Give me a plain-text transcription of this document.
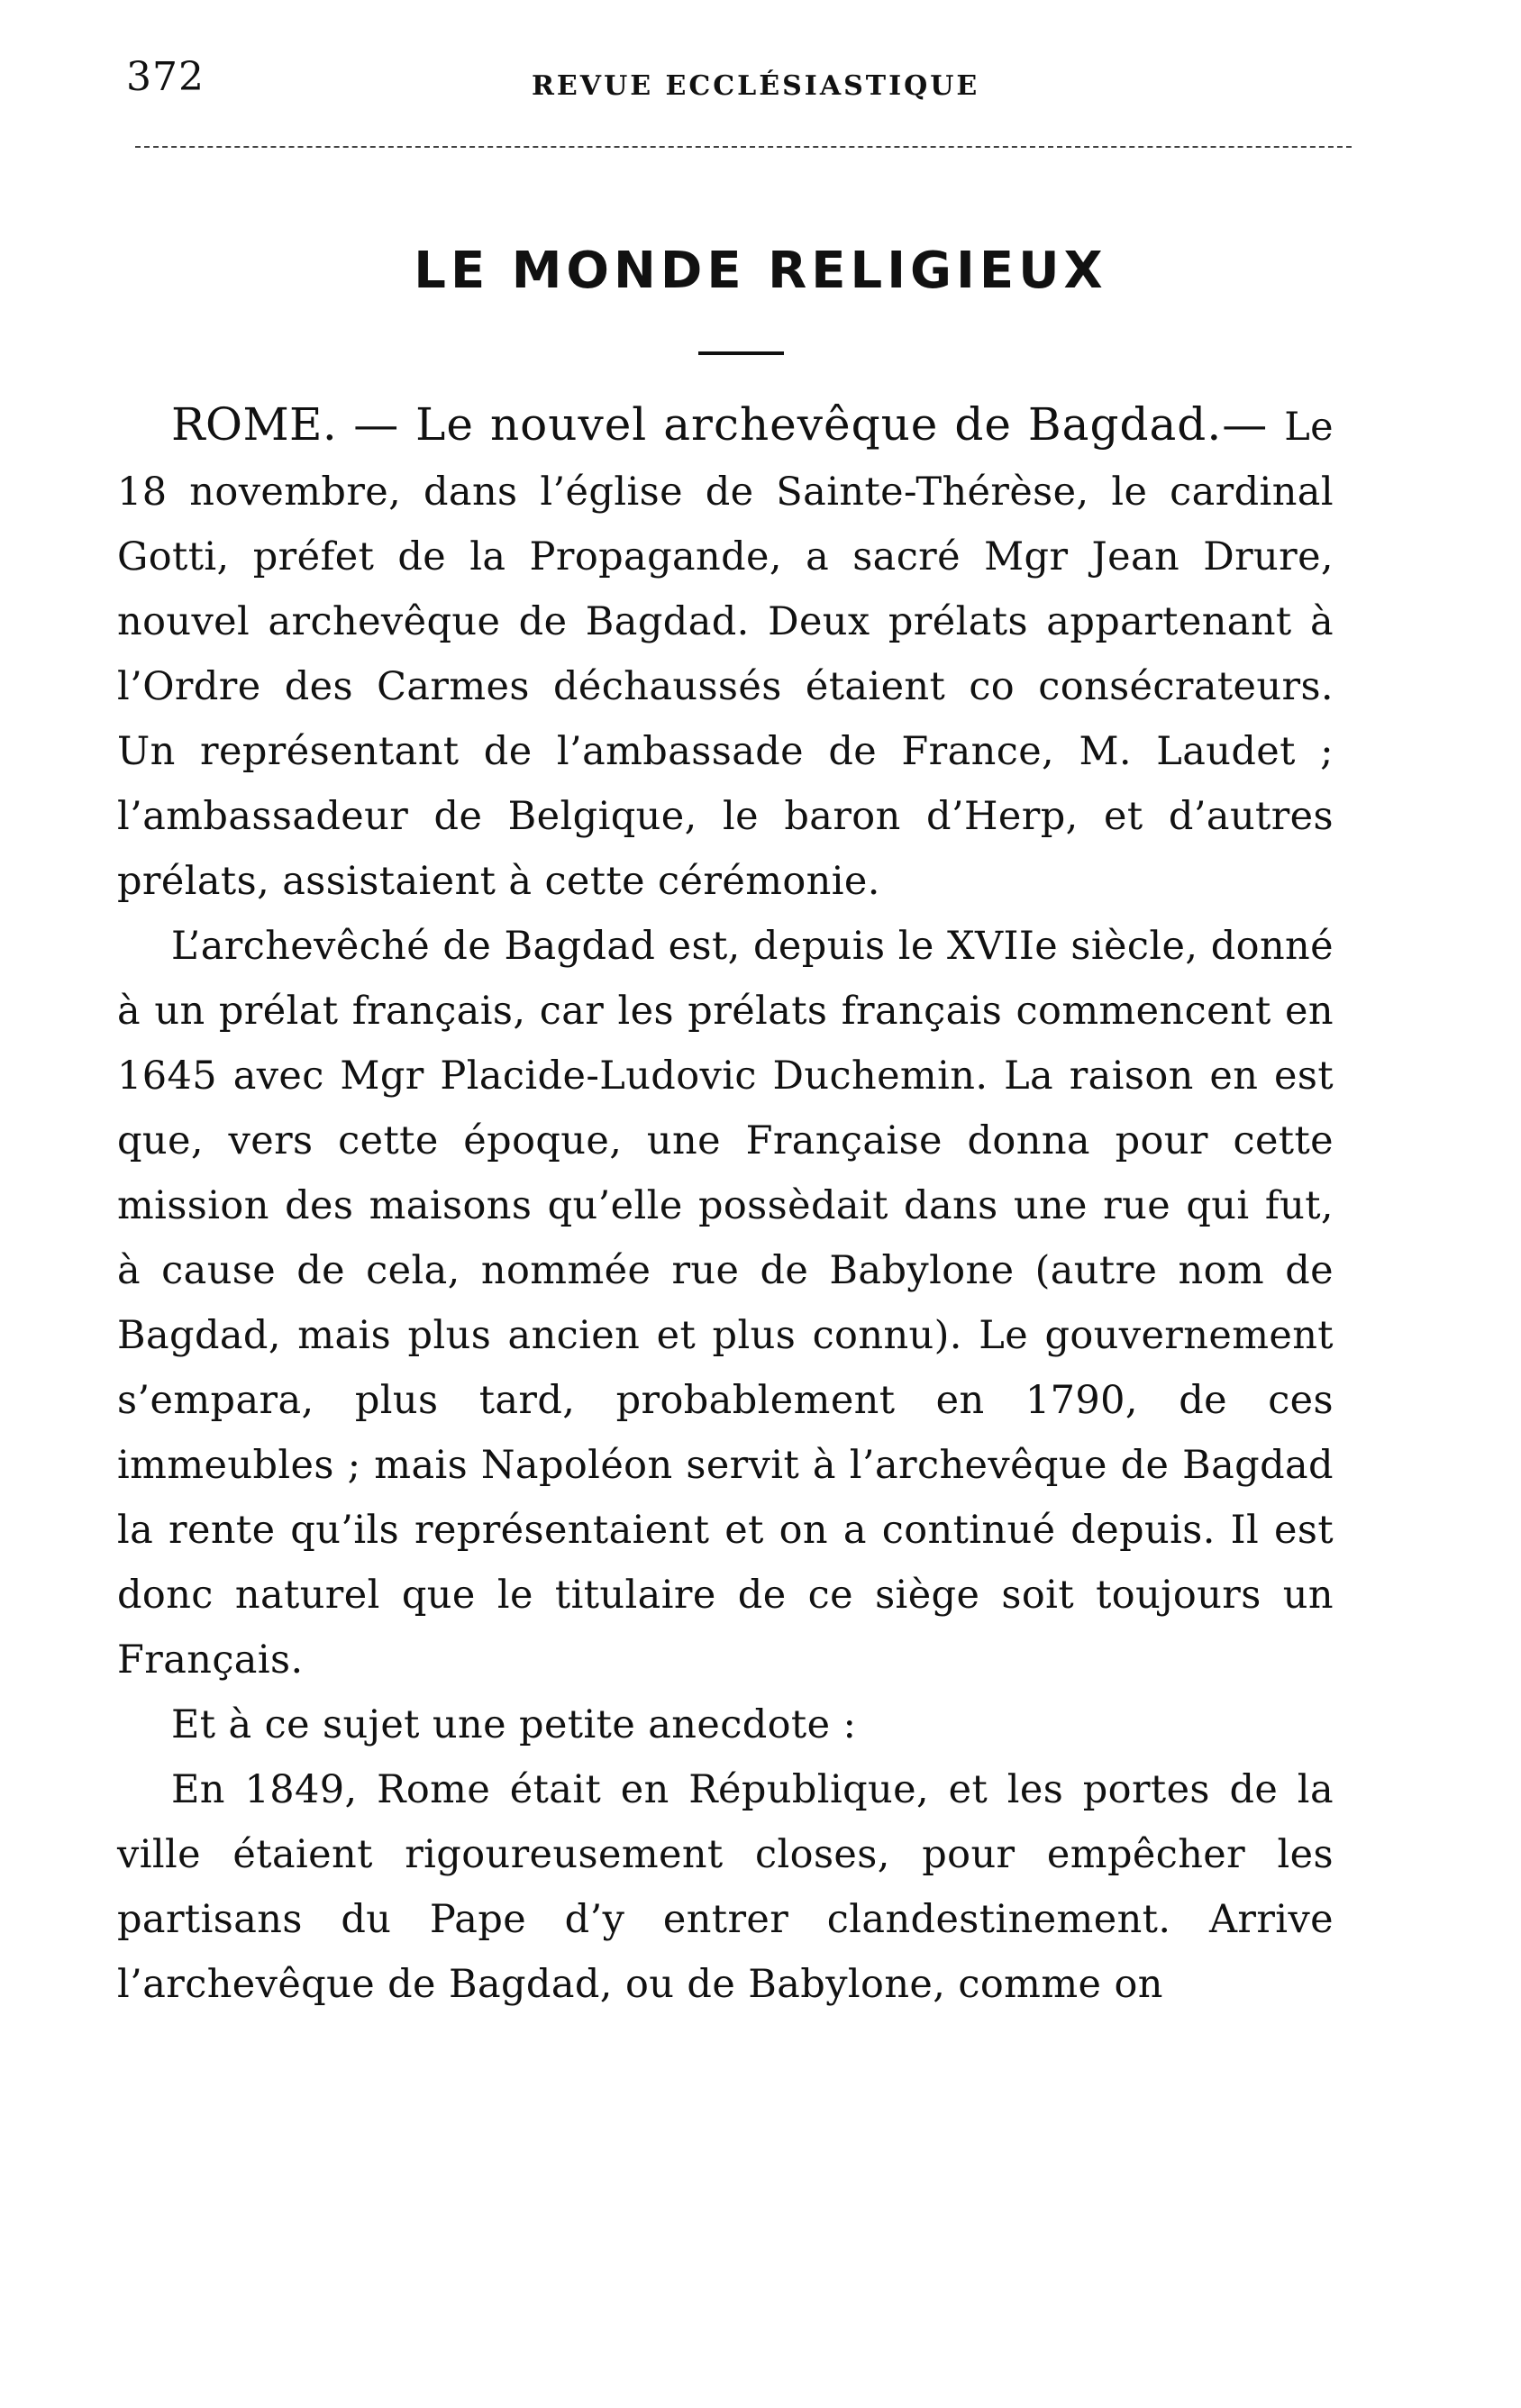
372	REVUE ECCLÉSIASTIQUE
LE MONDE RELIGIEUX

ROME. — Le nouvel archevêque de Bagdad.— Le 18 novembre, dans l’église de Sainte-Thérèse, le cardinal Gotti, préfet de la Propagande, a sacré Mgr Jean Drure, nouvel archevêque de Bagdad. Deux prélats appartenant à l’Ordre des Carmes déchaussés étaient co consécrateurs. Un représentant de l’ambassade de France, M. Laudet ; l’ambassadeur de Belgique, le baron d’Herp, et d’autres prélats, assistaient à cette cérémonie.

L’archevêché de Bagdad est, depuis le XVIIe siècle, donné à un prélat français, car les prélats français commencent en 1645 avec Mgr Placide-Ludovic Duchemin. La raison en est que, vers cette époque, une Française donna pour cette mission des maisons qu’elle possèdait dans une rue qui fut, à cause de cela, nommée rue de Babylone (autre nom de Bagdad, mais plus ancien et plus connu). Le gouvernement s’empara, plus tard, probablement en 1790, de ces immeubles ; mais Napoléon servit à l’archevêque de Bagdad la rente qu’ils représentaient et on a continué depuis. Il est donc naturel que le titulaire de ce siège soit toujours un Français.

Et à ce sujet une petite anecdote :

En 1849, Rome était en République, et les portes de la ville étaient rigoureusement closes, pour empêcher les partisans du Pape d’y entrer clandestinement. Arrive l’archevêque de Bagdad, ou de Babylone, comme on
